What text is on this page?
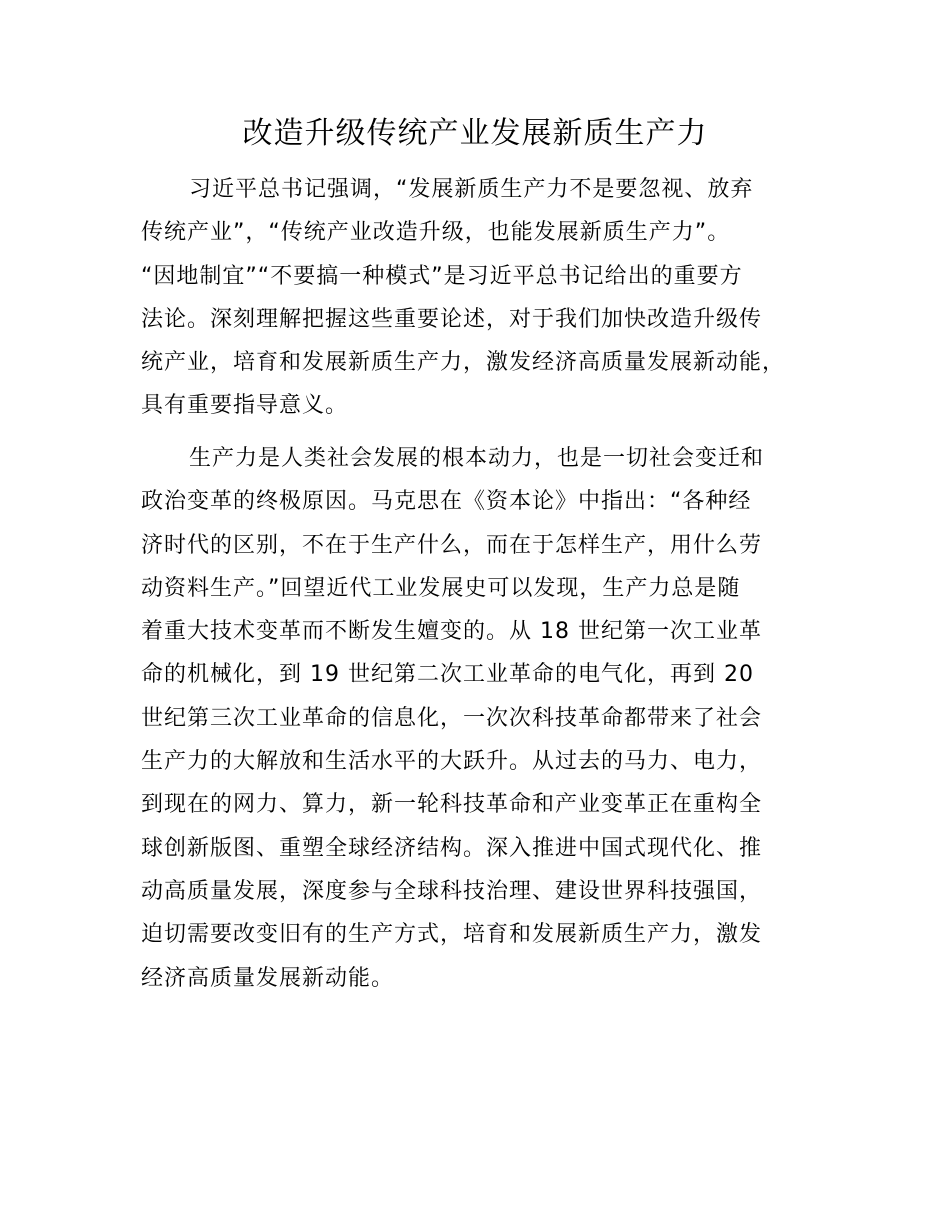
改造升级传统产业发展新质生产力
习近平总书记强调，“发展新质生产力不是要忽视、放弃
传统产业”，“传统产业改造升级，也能发展新质生产力”。
“因地制宜”“不要搞一种模式”是习近平总书记给出的重要方
法论。深刻理解把握这些重要论述，对于我们加快改造升级传
统产业，培育和发展新质生产力，激发经济高质量发展新动能，
具有重要指导意义。
生产力是人类社会发展的根本动力，也是一切社会变迁和
政治变革的终极原因。马克思在《资本论》中指出：“各种经
济时代的区别，不在于生产什么，而在于怎样生产，用什么劳
动资料生产。”回望近代工业发展史可以发现，生产力总是随
着重大技术变革而不断发生嬗变的。从 18 世纪第一次工业革
命的机械化，到 19 世纪第二次工业革命的电气化，再到 20
世纪第三次工业革命的信息化，一次次科技革命都带来了社会
生产力的大解放和生活水平的大跃升。从过去的马力、电力，
到现在的网力、算力，新一轮科技革命和产业变革正在重构全
球创新版图、重塑全球经济结构。深入推进中国式现代化、推
动高质量发展，深度参与全球科技治理、建设世界科技强国，
迫切需要改变旧有的生产方式，培育和发展新质生产力，激发
经济高质量发展新动能。
